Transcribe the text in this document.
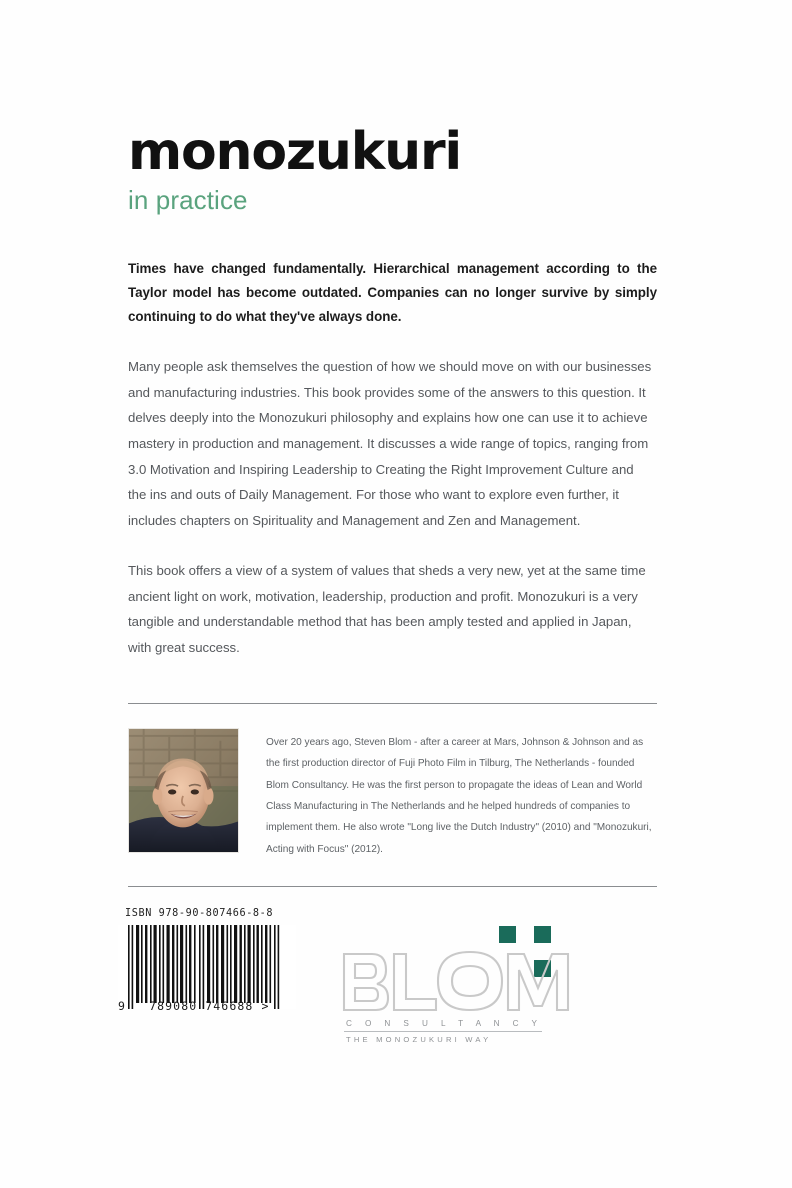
monozukuri
in practice

Times have changed fundamentally. Hierarchical management according to the Taylor model has become outdated. Companies can no longer survive by simply continuing to do what they've always done.

Many people ask themselves the question of how we should move on with our businesses and manufacturing industries. This book provides some of the answers to this question. It delves deeply into the Monozukuri philosophy and explains how one can use it to achieve mastery in production and management. It discusses a wide range of topics, ranging from 3.0 Motivation and Inspiring Leadership to Creating the Right Improvement Culture and the ins and outs of Daily Management. For those who want to explore even further, it includes chapters on Spirituality and Management and Zen and Management.

This book offers a view of a system of values that sheds a very new, yet at the same time ancient light on work, motivation, leadership, production and profit. Monozukuri is a very tangible and understandable method that has been amply tested and applied in Japan, with great success.

Over 20 years ago, Steven Blom - after a career at Mars, Johnson & Johnson and as the first production director of Fuji Photo Film in Tilburg, The Netherlands - founded Blom Consultancy. He was the first person to propagate the ideas of Lean and World Class Manufacturing in The Netherlands and he helped hundreds of companies to implement them. He also wrote "Long live the Dutch Industry" (2010) and "Monozukuri, Acting with Focus" (2012).
ISBN 978-90-807466-8-8
9 789080 746688 >
C O N S U L T A N C Y
THE MONOZUKURI WAY
